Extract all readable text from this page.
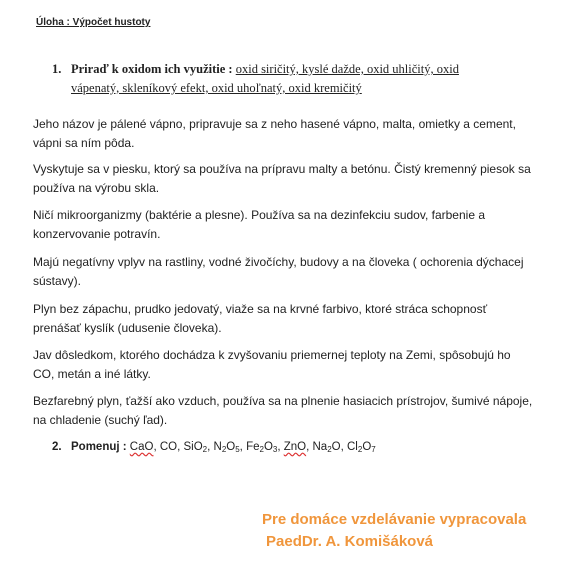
Úloha : Výpočet hustoty
1. Priraď k oxidom ich využitie : oxid siričitý, kyslé dažde, oxid uhličitý, oxid
vápenatý, skleníkový efekt, oxid uhoľnatý, oxid kremičitý
Jeho názov je pálené vápno, pripravuje sa z neho hasené vápno, malta, omietky a cement,
vápni sa ním pôda.
Vyskytuje sa v piesku, ktorý sa používa na prípravu malty a betónu. Čistý kremenný piesok sa
používa na výrobu skla.
Ničí mikroorganizmy (baktérie a plesne). Používa sa na dezinfekciu sudov, farbenie a
konzervovanie potravín.
Majú negatívny vplyv na rastliny, vodné živočíchy, budovy a na človeka ( ochorenia dýchacej
sústavy).
Plyn bez zápachu, prudko jedovatý, viaže sa na krvné farbivo, ktoré stráca schopnosť
prenášať kyslík (udusenie človeka).
Jav dôsledkom, ktorého dochádza k zvyšovaniu priemernej teploty na Zemi, spôsobujú ho
CO, metán a iné látky.
Bezfarebný plyn, ťažší ako vzduch, používa sa na plnenie hasiacich prístrojov, šumivé nápoje,
na chladenie (suchý ľad).
2. Pomenuj : CaO, CO, SiO$_2$, $N_2O_5$, $Fe_2O_3$, ZnO, $Na_2O$, $Cl_2O_7$
Pre domáce vzdelávanie vypracovala
PaedDr. A. Komišáková
